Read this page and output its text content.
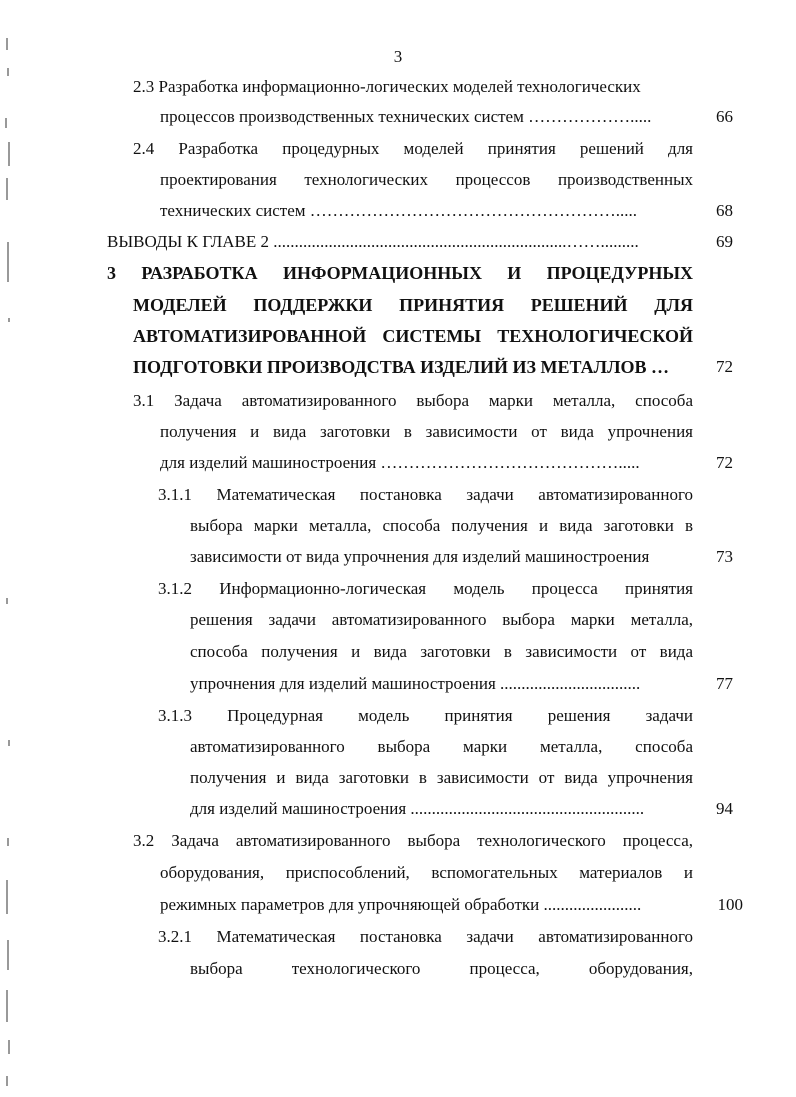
3
2.3 Разработка информационно-логических моделей технологических
процессов производственных технических систем ……………….....	66
2.4 Разработка процедурных моделей принятия решений для
проектирования технологических процессов производственных
технических систем ……………………………………………….....	68
ВЫВОДЫ К ГЛАВЕ 2 .....................................................................…….........	69
3 РАЗРАБОТКА ИНФОРМАЦИОННЫХ И ПРОЦЕДУРНЫХ
МОДЕЛЕЙ ПОДДЕРЖКИ ПРИНЯТИЯ РЕШЕНИЙ ДЛЯ
АВТОМАТИЗИРОВАННОЙ СИСТЕМЫ ТЕХНОЛОГИЧЕСКОЙ
ПОДГОТОВКИ ПРОИЗВОДСТВА ИЗДЕЛИЙ ИЗ МЕТАЛЛОВ …	72
3.1 Задача автоматизированного выбора марки металла, способа
получения и вида заготовки в зависимости от вида упрочнения
для изделий машиностроения …………………………………….....	72
3.1.1 Математическая постановка задачи автоматизированного
выбора марки металла, способа получения и вида заготовки в
зависимости от вида упрочнения для изделий машиностроения	73
3.1.2 Информационно-логическая модель процесса принятия
решения задачи автоматизированного выбора марки металла,
способа получения и вида заготовки в зависимости от вида
упрочнения для изделий машиностроения .................................	77
3.1.3 Процедурная модель принятия решения задачи
автоматизированного выбора марки металла, способа
получения и вида заготовки в зависимости от вида упрочнения
для изделий машиностроения .......................................................	94
3.2 Задача автоматизированного выбора технологического процесса,
оборудования, приспособлений, вспомогательных материалов и
режимных параметров для упрочняющей обработки .......................	100
3.2.1 Математическая постановка задачи автоматизированного
выбора технологического процесса, оборудования,
